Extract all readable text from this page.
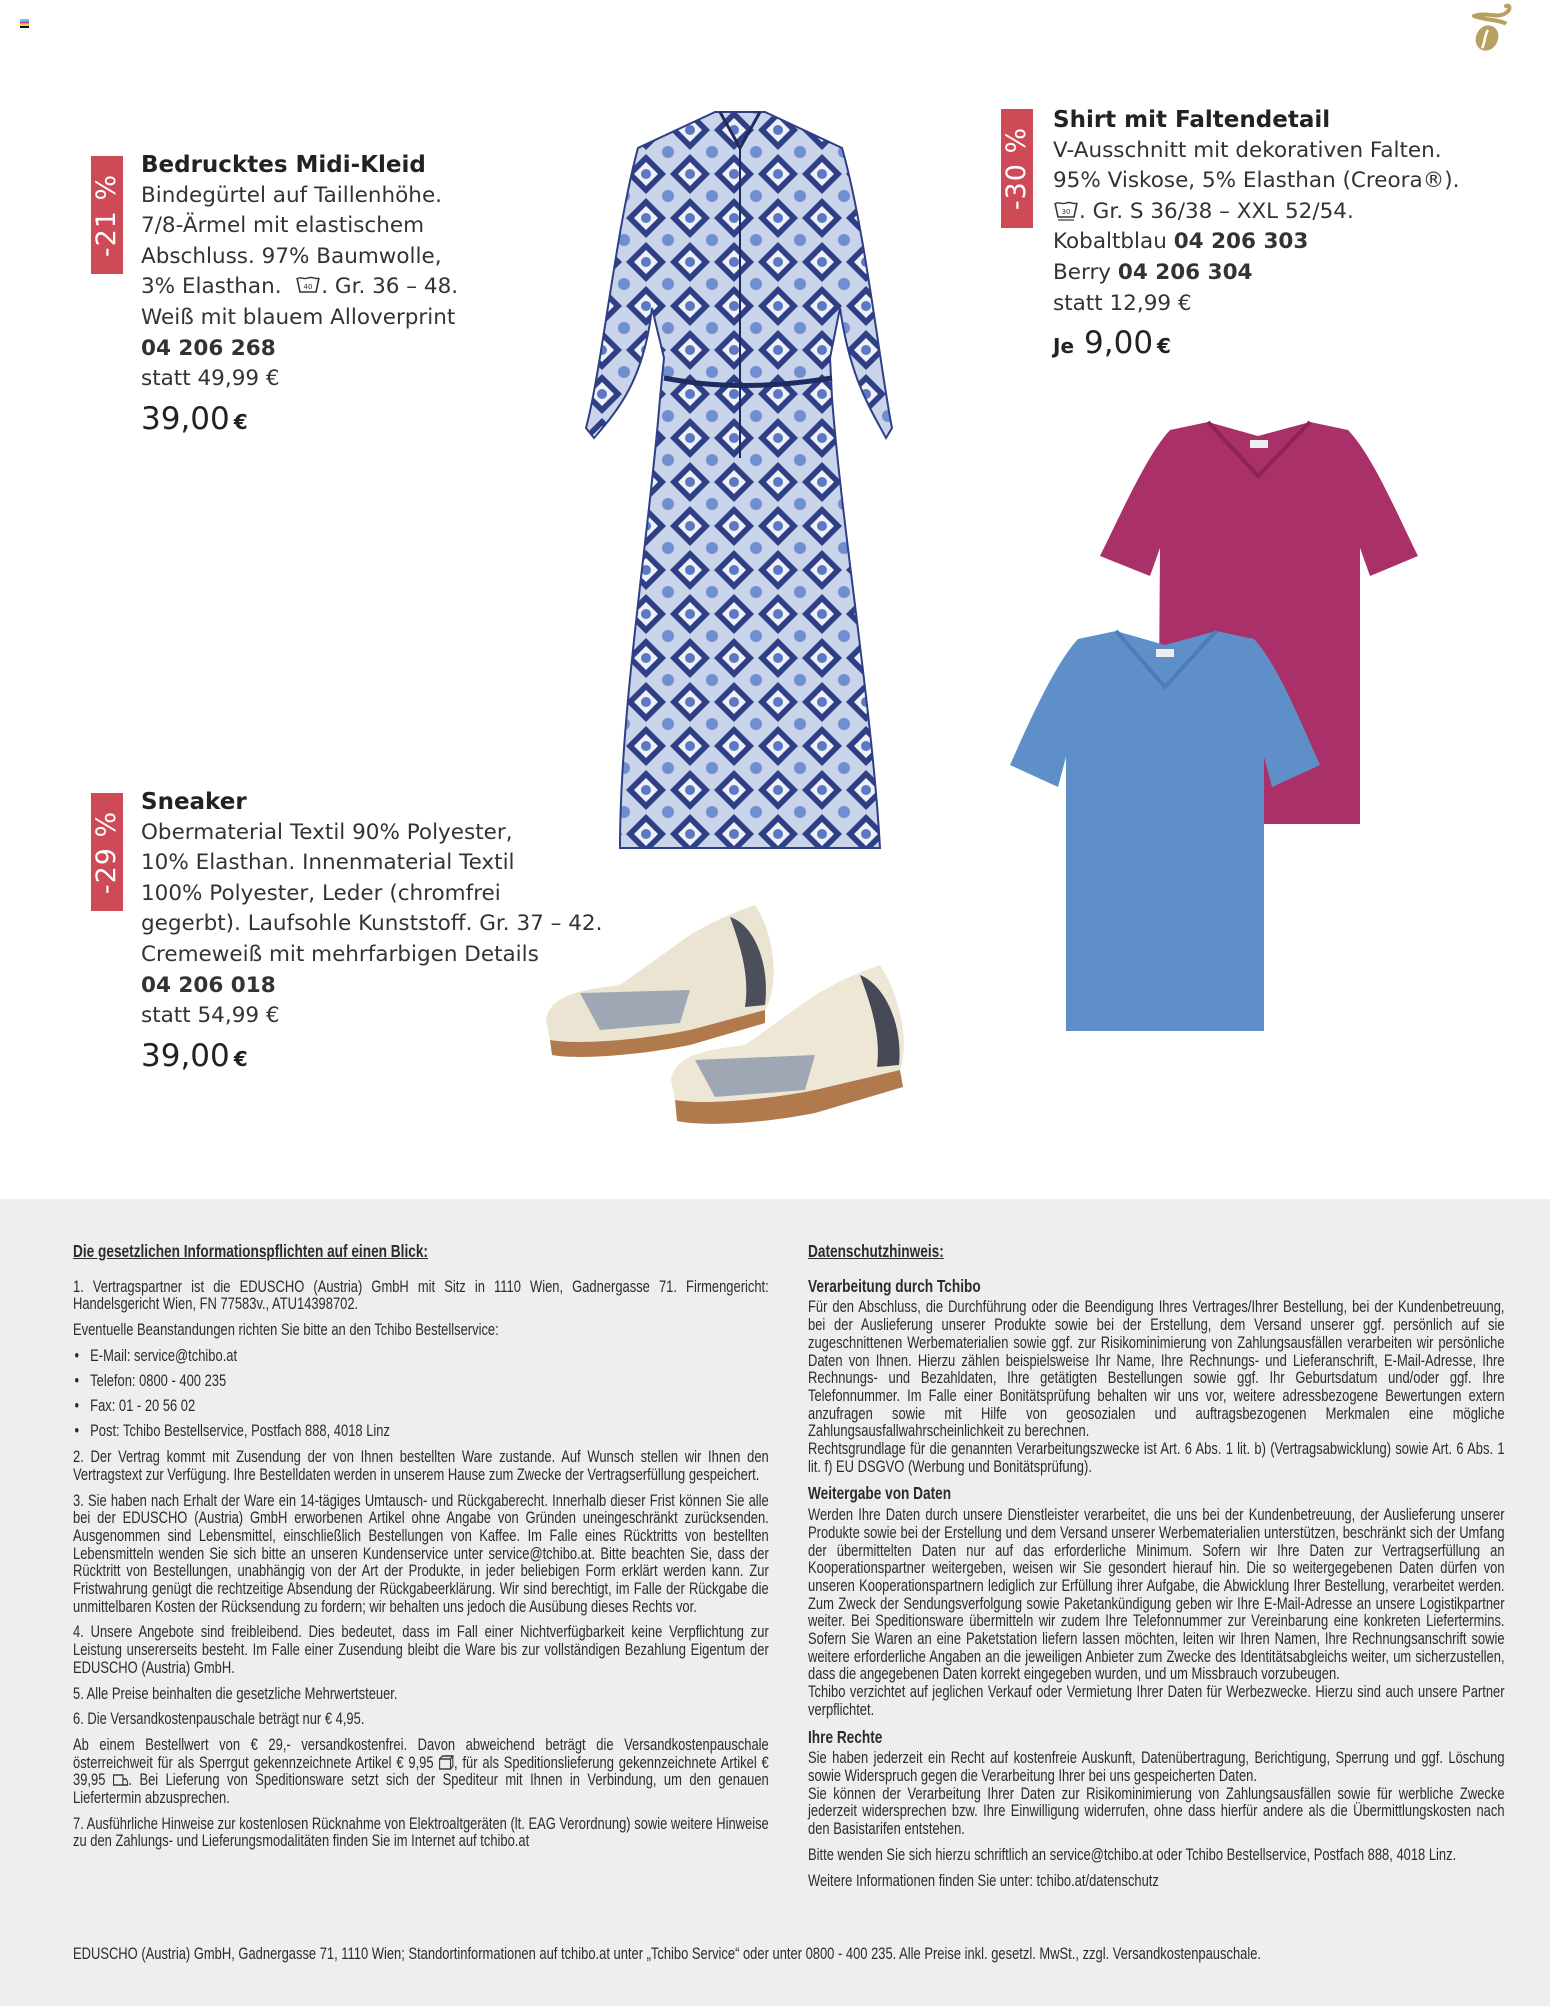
-21 %
Bedrucktes Midi-Kleid
Bindegürtel auf Taillenhöhe.
7/8-Ärmel mit elastischem
Abschluss. 97% Baumwolle,
3% Elasthan.	40 . Gr. 36 – 48.
Weiß mit blauem Alloverprint
04 206 268
statt 49,99 €
39,00 €
-30 %
Shirt mit Faltendetail
V-Ausschnitt mit dekorativen Falten.
95% Viskose, 5% Elasthan (Creora®).
30 . Gr. S 36/38 – XXL 52/54.
Kobaltblau 04 206 303
Berry 04 206 304
statt 12,99 €
Je 9,00 €
-29 %
Sneaker
Obermaterial Textil 90% Polyester,
10% Elasthan. Innenmaterial Textil
100% Polyester, Leder (chromfrei
gegerbt). Laufsohle Kunststoff. Gr. 37 – 42.
Cremeweiß mit mehrfarbigen Details
04 206 018
statt 54,99 €
39,00 €
Die gesetzlichen Informationspflichten auf einen Blick:

1. Vertragspartner ist die EDUSCHO (Austria) GmbH mit Sitz in 1110 Wien, Gadnergasse 71. Firmengericht: Handelsgericht Wien, FN 77583v., ATU14398702.

Eventuelle Beanstandungen richten Sie bitte an den Tchibo Bestellservice:

• E-Mail: service@tchibo.at
• Telefon: 0800 - 400 235
• Fax: 01 - 20 56 02
• Post: Tchibo Bestellservice, Postfach 888, 4018 Linz

2. Der Vertrag kommt mit Zusendung der von Ihnen bestellten Ware zustande. Auf Wunsch stellen wir Ihnen den Vertragstext zur Verfügung. Ihre Bestelldaten werden in unserem Hause zum Zwecke der Vertragserfüllung gespeichert.

3. Sie haben nach Erhalt der Ware ein 14-tägiges Umtausch- und Rückgaberecht. Innerhalb dieser Frist können Sie alle bei der EDUSCHO (Austria) GmbH erworbenen Artikel ohne Angabe von Gründen uneingeschränkt zurücksenden. Ausgenommen sind Lebensmittel, einschließlich Bestellungen von Kaffee. Im Falle eines Rücktritts von bestellten Lebensmitteln wenden Sie sich bitte an unseren Kundenservice unter service@tchibo.at. Bitte beachten Sie, dass der Rücktritt von Bestellungen, unabhängig von der Art der Produkte, in jeder beliebigen Form erklärt werden kann. Zur Fristwahrung genügt die rechtzeitige Absendung der Rückgabeerklärung. Wir sind berechtigt, im Falle der Rückgabe die unmittelbaren Kosten der Rücksendung zu fordern; wir behalten uns jedoch die Ausübung dieses Rechts vor.

4. Unsere Angebote sind freibleibend. Dies bedeutet, dass im Fall einer Nichtverfügbarkeit keine Verpflichtung zur Leistung unsererseits besteht. Im Falle einer Zusendung bleibt die Ware bis zur vollständigen Bezahlung Eigentum der EDUSCHO (Austria) GmbH.

5. Alle Preise beinhalten die gesetzliche Mehrwertsteuer.

6. Die Versandkostenpauschale beträgt nur € 4,95.

Ab einem Bestellwert von € 29,- versandkostenfrei. Davon abweichend beträgt die Versandkostenpauschale österreichweit für als Sperrgut gekennzeichnete Artikel € 9,95 , für als Speditionslieferung gekennzeichnete Artikel € 39,95 . Bei Lieferung von Speditionsware setzt sich der Spediteur mit Ihnen in Verbindung, um den genauen Liefertermin abzusprechen.

7. Ausführliche Hinweise zur kostenlosen Rücknahme von Elektroaltgeräten (lt. EAG Verordnung) sowie weitere Hinweise zu den Zahlungs- und Lieferungsmodalitäten finden Sie im Internet auf tchibo.at

Datenschutzhinweis:
Verarbeitung durch Tchibo

Für den Abschluss, die Durchführung oder die Beendigung Ihres Vertrages/Ihrer Bestellung, bei der Kundenbetreuung, bei der Auslieferung unserer Produkte sowie bei der Erstellung, dem Versand unserer ggf. persönlich auf sie zugeschnittenen Werbematerialien sowie ggf. zur Risikominimierung von Zahlungsausfällen verarbeiten wir persönliche Daten von Ihnen. Hierzu zählen beispielsweise Ihr Name, Ihre Rechnungs- und Lieferanschrift, E-Mail-Adresse, Ihre Rechnungs- und Bezahldaten, Ihre getätigten Bestellungen sowie ggf. Ihr Geburtsdatum und/oder ggf. Ihre Telefonnummer. Im Falle einer Bonitätsprüfung behalten wir uns vor, weitere adressbezogene Bewertungen extern anzufragen sowie mit Hilfe von geosozialen und auftragsbezogenen Merkmalen eine mögliche Zahlungsausfallwahrscheinlichkeit zu berechnen.

Rechtsgrundlage für die genannten Verarbeitungszwecke ist Art. 6 Abs. 1 lit. b) (Vertragsabwicklung) sowie Art. 6 Abs. 1 lit. f) EU DSGVO (Werbung und Bonitätsprüfung).

Weitergabe von Daten

Werden Ihre Daten durch unsere Dienstleister verarbeitet, die uns bei der Kundenbetreuung, der Auslieferung unserer Produkte sowie bei der Erstellung und dem Versand unserer Werbematerialien unterstützen, beschränkt sich der Umfang der übermittelten Daten nur auf das erforderliche Minimum. Sofern wir Ihre Daten zur Vertragserfüllung an Kooperationspartner weitergeben, weisen wir Sie gesondert hierauf hin. Die so weitergegebenen Daten dürfen von unseren Kooperationspartnern lediglich zur Erfüllung ihrer Aufgabe, die Abwicklung Ihrer Bestellung, verarbeitet werden. Zum Zweck der Sendungsverfolgung sowie Paketankündigung geben wir Ihre E-Mail-Adresse an unsere Logistikpartner weiter. Bei Speditionsware übermitteln wir zudem Ihre Telefonnummer zur Vereinbarung eine konkreten Liefertermins. Sofern Sie Waren an eine Paketstation liefern lassen möchten, leiten wir Ihren Namen, Ihre Rechnungsanschrift sowie weitere erforderliche Angaben an die jeweiligen Anbieter zum Zwecke des Identitätsabgleichs weiter, um sicherzustellen, dass die angegebenen Daten korrekt eingegeben wurden, und um Missbrauch vorzubeugen.

Tchibo verzichtet auf jeglichen Verkauf oder Vermietung Ihrer Daten für Werbezwecke. Hierzu sind auch unsere Partner verpflichtet.

Ihre Rechte

Sie haben jederzeit ein Recht auf kostenfreie Auskunft, Datenübertragung, Berichtigung, Sperrung und ggf. Löschung sowie Widerspruch gegen die Verarbeitung Ihrer bei uns gespeicherten Daten.

Sie können der Verarbeitung Ihrer Daten zur Risikominimierung von Zahlungsausfällen sowie für werbliche Zwecke jederzeit widersprechen bzw. Ihre Einwilligung widerrufen, ohne dass hierfür andere als die Übermittlungskosten nach den Basistarifen entstehen.

Bitte wenden Sie sich hierzu schriftlich an service@tchibo.at oder Tchibo Bestellservice, Postfach 888, 4018 Linz.

Weitere Informationen finden Sie unter: tchibo.at/datenschutz

EDUSCHO (Austria) GmbH, Gadnergasse 71, 1110 Wien; Standortinformationen auf tchibo.at unter „Tchibo Service“ oder unter 0800 - 400 235. Alle Preise inkl. gesetzl. MwSt., zzgl. Versandkostenpauschale.
